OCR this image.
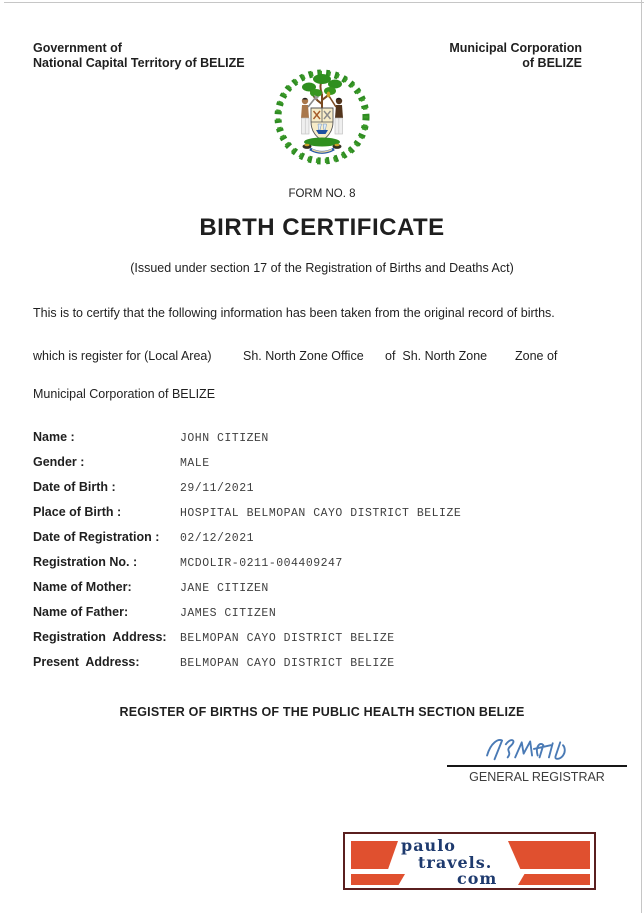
Government of
National Capital Territory of BELIZE
Municipal Corporation
of BELIZE
FORM NO. 8
BIRTH CERTIFICATE
(Issued under section 17 of the Registration of Births and Deaths Act)
This is to certify that the following information has been taken from the original record of births.

which is register for (Local Area)

	Sh. North Zone Office

of  Sh. North Zone

Zone of

Municipal Corporation of BELIZE
Name :	JOHN CITIZEN
Gender :	MALE
Date of Birth :	29/11/2021
Place of Birth :	HOSPITAL BELMOPAN CAYO DISTRICT BELIZE
Date of Registration :	02/12/2021
Registration No. :	MCDOLIR-0211-004409247
Name of Mother:	JANE CITIZEN
Name of Father:	JAMES CITIZEN
Registration  Address:	BELMOPAN CAYO DISTRICT BELIZE
Present  Address:	BELMOPAN CAYO DISTRICT BELIZE
REGISTER OF BIRTHS OF THE PUBLIC HEALTH SECTION BELIZE
GENERAL REGISTRAR
paulo
travels.
com
